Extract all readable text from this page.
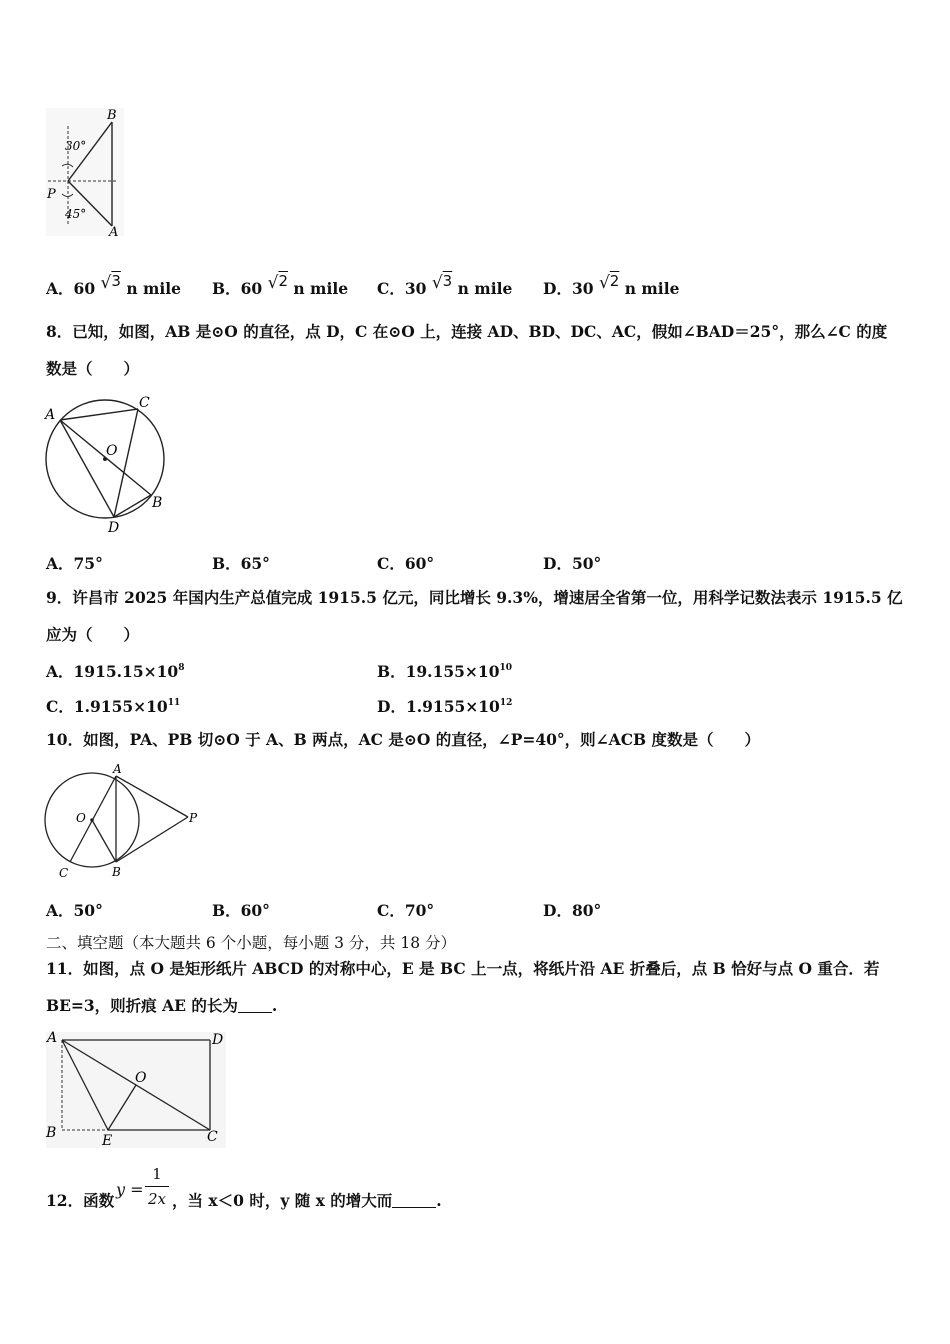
B
A
P
30°
45°
A．60 √3 n mile B．60 √2 n mile C．30 √3 n mile D．30 √2 n mile
8．已知，如图，AB 是⊙O 的直径，点 D，C 在⊙O 上，连接 AD、BD、DC、AC，假如∠BAD＝25°，那么∠C 的度
数是（　　）
A
C
O
B
D
A．75°	B．65°	C．60°	D．50°
9．许昌市 2025 年国内生产总值完成 1915.5 亿元，同比增长 9.3%，增速居全省第一位，用科学记数法表示 1915.5 亿
应为（　　）
A．$1915.15\times 10^8$	B．$19.155\times 10^{10}$
C．$1.9155\times 10^{11}$	D．$1.9155\times 10^{12}$
10．如图，PA、PB 切⊙O 于 A、B 两点，AC 是⊙O 的直径，∠P=40°，则∠ACB 度数是（　　）
A
O	P
C	B
A．50°	B．60°	C．70°	D．80°
二、填空题（本大题共 6 个小题，每小题 3 分，共 18 分）
11．如图，点 O 是矩形纸片 ABCD 的对称中心，E 是 BC 上一点，将纸片沿 AE 折叠后，点 B 恰好与点 O 重合．若
BE=3，则折痕 AE 的长为 .
A	D
O
B	E	C
12．函数
y =
1
2x ，当 x＜0 时，y 随 x 的增大而	.
